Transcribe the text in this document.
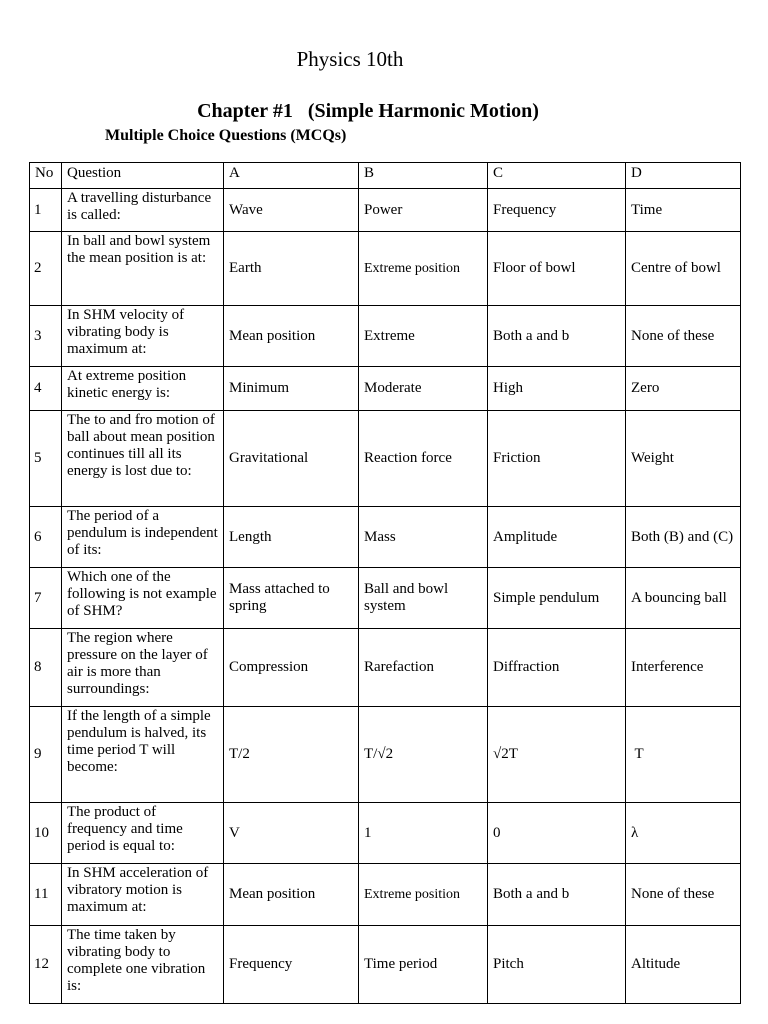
Physics 10th
Chapter #1   (Simple Harmonic Motion)
Multiple Choice Questions (MCQs)
No	Question	A	B	C	D
1	A travelling disturbance is called:	Wave	Power	Frequency	Time
2	In ball and bowl system the mean position is at:	Earth	Extreme position	Floor of bowl	Centre of bowl
3	In SHM velocity of vibrating body is maximum at:	Mean position	Extreme	Both a and b	None of these
4	At extreme position kinetic energy is:	Minimum	Moderate	High	Zero
5	The to and fro motion of ball about mean position continues till all its energy is lost due to:	Gravitational	Reaction force	Friction	Weight
6	The period of a pendulum is independent of its:	Length	Mass	Amplitude	Both (B) and (C)
7	Which one of the following is not example of SHM?	Mass attached to spring	Ball and bowl system	Simple pendulum	A bouncing ball
8	The region where pressure on the layer of air is more than surroundings:	Compression	Rarefaction	Diffraction	Interference
9	If the length of a simple pendulum is halved, its time period T will become:	T/2	T/√2	√2T	T
10	The product of frequency and time period is equal to:	V	1	0	λ
11	In SHM acceleration of vibratory motion is maximum at:	Mean position	Extreme position	Both a and b	None of these
12	The time taken by vibrating body to complete one vibration is:	Frequency	Time period	Pitch	Altitude
